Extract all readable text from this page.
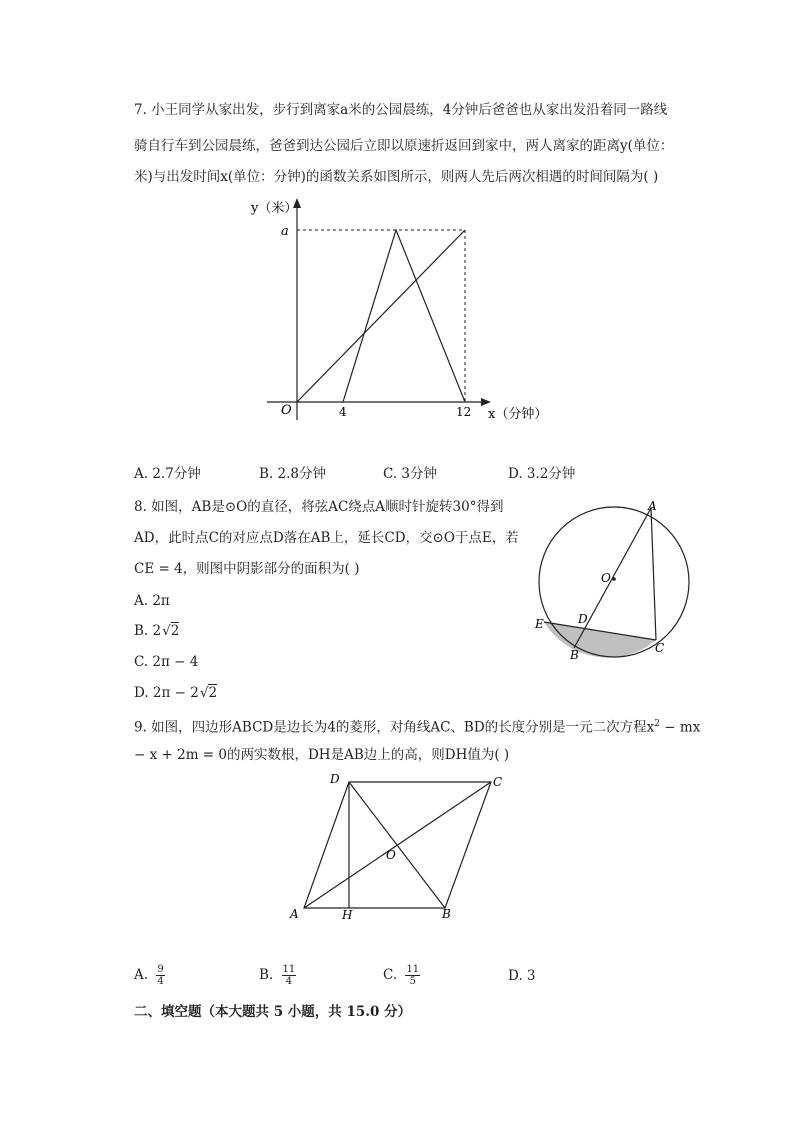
7. 小王同学从家出发，步行到离家a米的公园晨练，4分钟后爸爸也从家出发沿着同一路线
骑自行车到公园晨练，爸爸到达公园后立即以原速折返回到家中，两人离家的距离y(单位：
米)与出发时间x(单位：分钟)的函数关系如图所示，则两人先后两次相遇的时间间隔为( )
y（米）
a
O	4	12 x（分钟）
A. 2.7分钟	B. 2.8分钟	C. 3分钟	D. 3.2分钟
8. 如图，AB是⊙O的直径，将弦AC绕点A顺时针旋转30°得到
AD，此时点C的对应点D落在AB上，延长CD，交⊙O于点E，若
CE = 4，则图中阴影部分的面积为( )
A. 2π
B. 2√2
C. 2π − 4
D. 2π − 2√2
A
O
D
E
B	C
9. 如图，四边形ABCD是边长为4的菱形，对角线AC、BD的长度分别是一元二次方程$x^2$ − mx
− x + 2m = 0的两实数根，DH是AB边上的高，则DH值为( )
D	C
O
A	H	B
A. $\frac{9}{4}$	B. $\frac{11}{4}$	C. $\frac{11}{5}$	D. 3
二、填空题（本大题共 5 小题，共 15.0 分）
